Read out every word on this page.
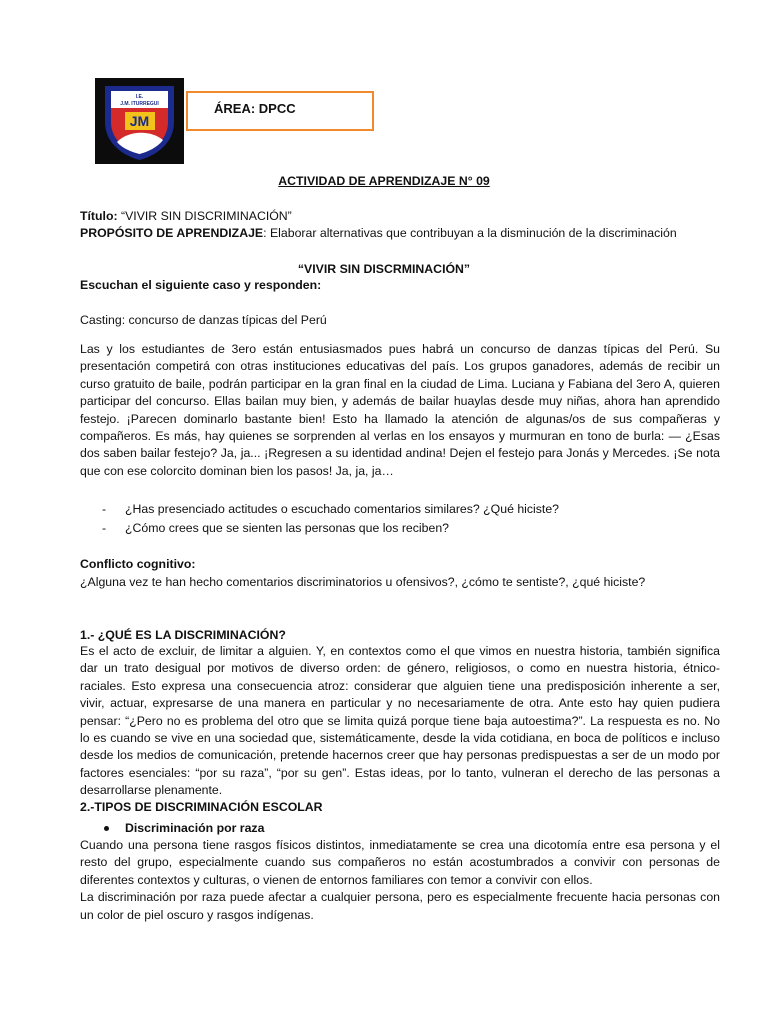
JM
I.E.
J.M. ITURREGUI	ÁREA: DPCC
ACTIVIDAD DE APRENDIZAJE N° 09
Título: “VIVIR SIN DISCRIMINACIÓN”
PROPÓSITO DE APRENDIZAJE: Elaborar alternativas que contribuyan a la disminución de la discriminación
“VIVIR SIN DISCRMINACIÓN”
Escuchan el siguiente caso y responden:
Casting: concurso de danzas típicas del Perú

Las y los estudiantes de 3ero están entusiasmados pues habrá un concurso de danzas típicas del Perú. Su

presentación competirá con otras instituciones educativas del país. Los grupos ganadores, además de recibir un

curso gratuito de baile, podrán participar en la gran final en la ciudad de Lima. Luciana y Fabiana del 3ero A, quieren

participar del concurso. Ellas bailan muy bien, y además de bailar huaylas desde muy niñas, ahora han aprendido

festejo. ¡Parecen dominarlo bastante bien! Esto ha llamado la atención de algunas/os de sus compañeras y

compañeros. Es más, hay quienes se sorprenden al verlas en los ensayos y murmuran en tono de burla: — ¿Esas

dos saben bailar festejo? Ja, ja... ¡Regresen a su identidad andina! Dejen el festejo para Jonás y Mercedes. ¡Se nota

que con ese colorcito dominan bien los pasos! Ja, ja, ja…

- ¿Has presenciado actitudes o escuchado comentarios similares? ¿Qué hiciste?
- ¿Cómo crees que se sienten las personas que los reciben?
Conflicto cognitivo:
¿Alguna vez te han hecho comentarios discriminatorios u ofensivos?, ¿cómo te sentiste?, ¿qué hiciste?
1.- ¿QUÉ ES LA DISCRIMINACIÓN?

Es el acto de excluir, de limitar a alguien. Y, en contextos como el que vimos en nuestra historia, también significa

dar un trato desigual por motivos de diverso orden: de género, religiosos, o como en nuestra historia, étnico-

raciales. Esto expresa una consecuencia atroz: considerar que alguien tiene una predisposición inherente a ser,

vivir, actuar, expresarse de una manera en particular y no necesariamente de otra. Ante esto hay quien pudiera

pensar: “¿Pero no es problema del otro que se limita quizá porque tiene baja autoestima?”. La respuesta es no. No

lo es cuando se vive en una sociedad que, sistemáticamente, desde la vida cotidiana, en boca de políticos e incluso

desde los medios de comunicación, pretende hacernos creer que hay personas predispuestas a ser de un modo por

factores esenciales: “por su raza”, “por su gen”. Estas ideas, por lo tanto, vulneran el derecho de las personas a

desarrollarse plenamente.

2.-TIPOS DE DISCRIMINACIÓN ESCOLAR
Discriminación por raza

Cuando una persona tiene rasgos físicos distintos, inmediatamente se crea una dicotomía entre esa persona y el

resto del grupo, especialmente cuando sus compañeros no están acostumbrados a convivir con personas de

diferentes contextos y culturas, o vienen de entornos familiares con temor a convivir con ellos.

La discriminación por raza puede afectar a cualquier persona, pero es especialmente frecuente hacia personas con

un color de piel oscuro y rasgos indígenas.
